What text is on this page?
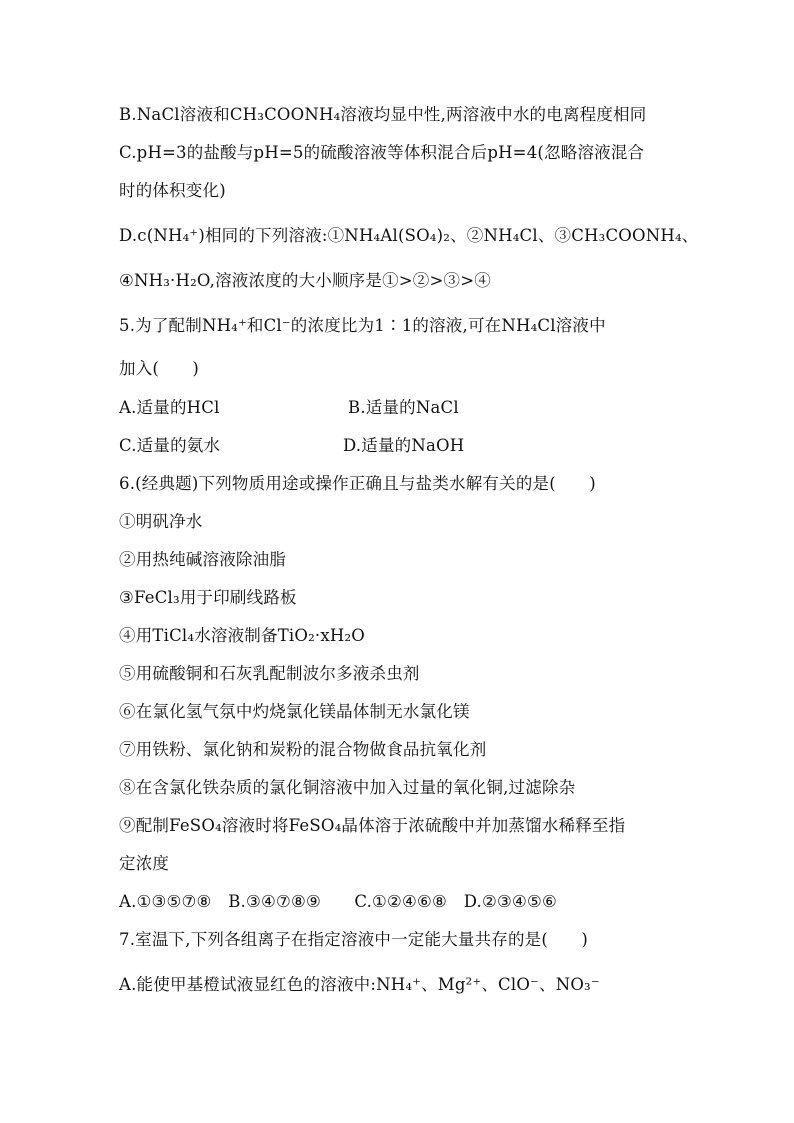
B.NaCl溶液和CH₃COONH₄溶液均显中性,两溶液中水的电离程度相同
C.pH=3的盐酸与pH=5的硫酸溶液等体积混合后pH=4(忽略溶液混合
时的体积变化)
D.c(NH₄⁺)相同的下列溶液:①NH₄Al(SO₄)₂、②NH₄Cl、③CH₃COONH₄、
④NH₃·H₂O,溶液浓度的大小顺序是①>②>③>④
5.为了配制NH₄⁺和Cl⁻的浓度比为1∶1的溶液,可在NH₄Cl溶液中
加入(　　)
A.适量的HCl	B.适量的NaCl
C.适量的氨水	D.适量的NaOH
6.(经典题)下列物质用途或操作正确且与盐类水解有关的是(　　)
①明矾净水
②用热纯碱溶液除油脂
③FeCl₃用于印刷线路板
④用TiCl₄水溶液制备TiO₂·xH₂O
⑤用硫酸铜和石灰乳配制波尔多液杀虫剂
⑥在氯化氢气氛中灼烧氯化镁晶体制无水氯化镁
⑦用铁粉、氯化钠和炭粉的混合物做食品抗氧化剂
⑧在含氯化铁杂质的氯化铜溶液中加入过量的氧化铜,过滤除杂
⑨配制FeSO₄溶液时将FeSO₄晶体溶于浓硫酸中并加蒸馏水稀释至指
定浓度
A.①③⑤⑦⑧　B.③④⑦⑧⑨　　C.①②④⑥⑧　D.②③④⑤⑥
7.室温下,下列各组离子在指定溶液中一定能大量共存的是(　　)
A.能使甲基橙试液显红色的溶液中:NH₄⁺、Mg²⁺、ClO⁻、NO₃⁻
